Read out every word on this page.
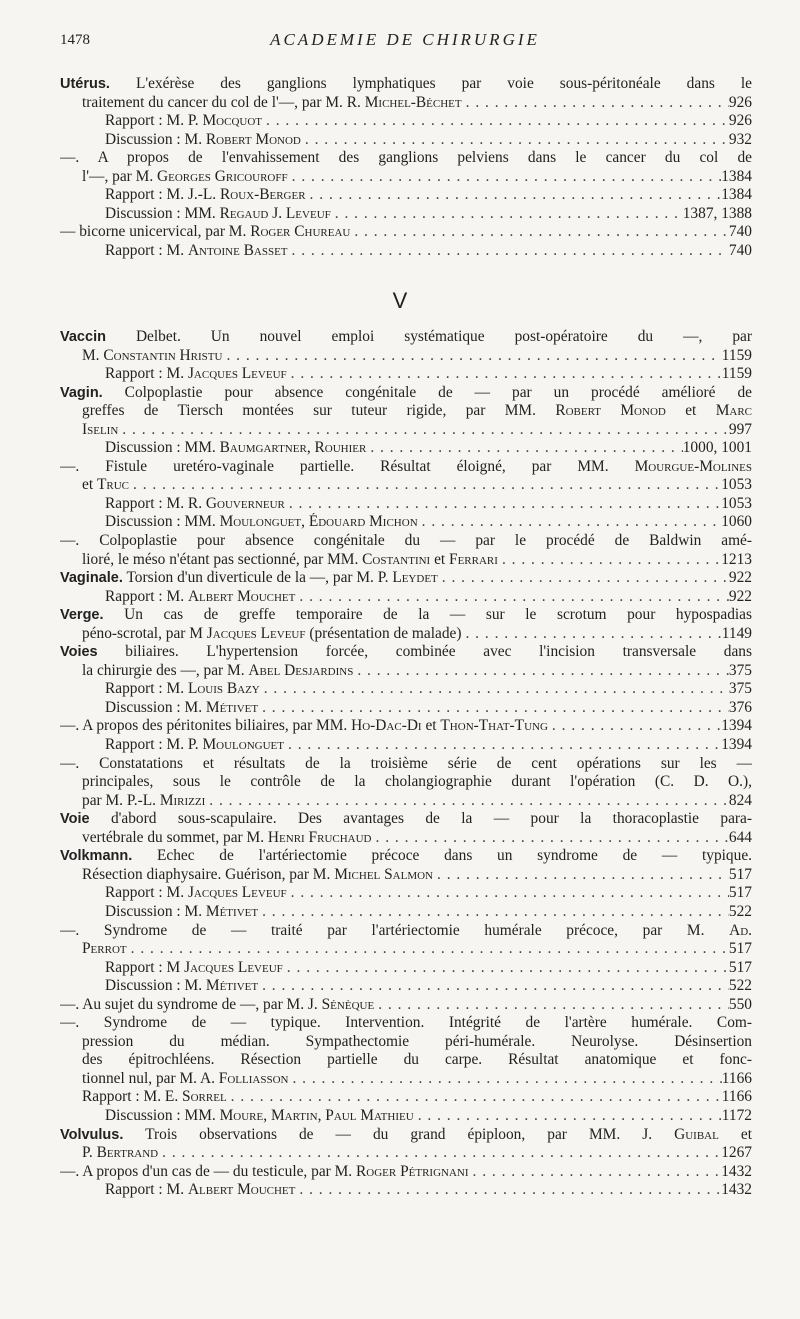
1478	ACADEMIE DE CHIRURGIE
Utérus. L'exérèse des ganglions lymphatiques par voie sous-péritonéale dans le
traitement du cancer du col de l'—, par M. R. Michel-Béchet . . .	926
Rapport : M. P. Mocquot . . .	926
Discussion : M. Robert Monod . . .	932
—. A propos de l'envahissement des ganglions pelviens dans le cancer du col de
l'—, par M. Georges Gricouroff . . .	1384
Rapport : M. J.-L. Roux-Berger . . .	1384
Discussion : MM. Regaud J. Leveuf . . .	1387, 1388
— bicorne unicervical, par M. Roger Chureau . . .	740
Rapport : M. Antoine Basset . . .	740
V
Vaccin Delbet. Un nouvel emploi systématique post-opératoire du —, par
M. Constantin Hristu . . .	1159
Rapport : M. Jacques Leveuf . . .	1159
Vagin. Colpoplastie pour absence congénitale de — par un procédé amélioré de
greffes de Tiersch montées sur tuteur rigide, par MM. Robert Monod et Marc
Iselin . . .	997
Discussion : MM. Baumgartner, Rouhier . . .	1000, 1001
—. Fistule uretéro-vaginale partielle. Résultat éloigné, par MM. Mourgue-Molines
et Truc . . .	1053
Rapport : M. R. Gouverneur . . .	1053
Discussion : MM. Moulonguet, Édouard Michon . . .	1060
—. Colpoplastie pour absence congénitale du — par le procédé de Baldwin amé-
lioré, le méso n'étant pas sectionné, par MM. Costantini et Ferrari . . .	1213
Vaginale. Torsion d'un diverticule de la —, par M. P. Leydet . . .	922
Rapport : M. Albert Mouchet . . .	922
Verge. Un cas de greffe temporaire de la — sur le scrotum pour hypospadias
péno-scrotal, par M Jacques Leveuf (présentation de malade) . . .	1149
Voies biliaires. L'hypertension forcée, combinée avec l'incision transversale dans
la chirurgie des —, par M. Abel Desjardins . . .	375
Rapport : M. Louis Bazy . . .	375
Discussion : M. Métivet . . .	376
—. A propos des péritonites biliaires, par MM. Ho-Dac-Di et Thon-That-Tung . . .	1394
Rapport : M. P. Moulonguet . . .	1394
—. Constatations et résultats de la troisième série de cent opérations sur les —
principales, sous le contrôle de la cholangiographie durant l'opération (C. D. O.),
par M. P.-L. Mirizzi . . .	824
Voie d'abord sous-scapulaire. Des avantages de la — pour la thoracoplastie para-
vertébrale du sommet, par M. Henri Fruchaud . . .	644
Volkmann. Echec de l'artériectomie précoce dans un syndrome de — typique.
Résection diaphysaire. Guérison, par M. Michel Salmon . . .	517
Rapport : M. Jacques Leveuf . . .	517
Discussion : M. Métivet . . .	522
—. Syndrome de — traité par l'artériectomie humérale précoce, par M. Ad.
Perrot . . .	517
Rapport : M Jacques Leveuf . . .	517
Discussion : M. Métivet . . .	522
—. Au sujet du syndrome de —, par M. J. Sénèque . . .	550
—. Syndrome de — typique. Intervention. Intégrité de l'artère humérale. Com-
pression du médian. Sympathectomie péri-humérale. Neurolyse. Désinsertion
des épitrochléens. Résection partielle du carpe. Résultat anatomique et fonc-
tionnel nul, par M. A. Folliasson . . .	1166
Rapport : M. E. Sorrel . . .	1166
Discussion : MM. Moure, Martin, Paul Mathieu . . .	1172
Volvulus. Trois observations de — du grand épiploon, par MM. J. Guibal et
P. Bertrand . . .	1267
—. A propos d'un cas de — du testicule, par M. Roger Pétrignani . . .	1432
Rapport : M. Albert Mouchet . . .	1432
